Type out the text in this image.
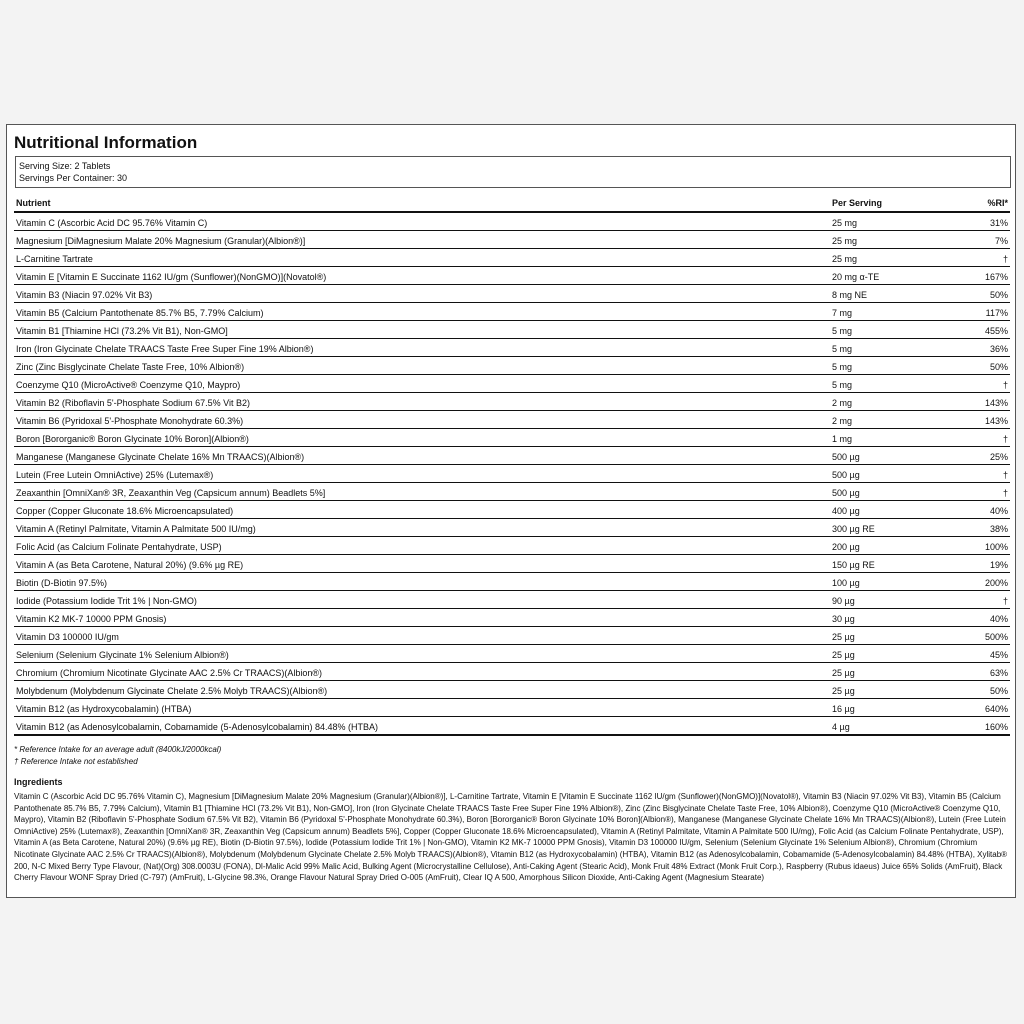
Nutritional Information
Serving Size: 2 Tablets
Servings Per Container: 30
Nutrient	Per Serving	%RI*
Vitamin C (Ascorbic Acid DC 95.76% Vitamin C)	25 mg	31%
Magnesium [DiMagnesium Malate 20% Magnesium (Granular)(Albion®)]	25 mg	7%
L-Carnitine Tartrate	25 mg	†
Vitamin E [Vitamin E Succinate 1162 IU/gm (Sunflower)(NonGMO)](Novatol®)	20 mg α-TE	167%
Vitamin B3 (Niacin 97.02% Vit B3)	8 mg NE	50%
Vitamin B5 (Calcium Pantothenate 85.7% B5, 7.79% Calcium)	7 mg	117%
Vitamin B1 [Thiamine HCl (73.2% Vit B1), Non-GMO]	5 mg	455%
Iron (Iron Glycinate Chelate TRAACS Taste Free Super Fine 19% Albion®)	5 mg	36%
Zinc (Zinc Bisglycinate Chelate Taste Free, 10% Albion®)	5 mg	50%
Coenzyme Q10 (MicroActive® Coenzyme Q10, Maypro)	5 mg	†
Vitamin B2 (Riboflavin 5'-Phosphate Sodium 67.5% Vit B2)	2 mg	143%
Vitamin B6 (Pyridoxal 5'-Phosphate Monohydrate 60.3%)	2 mg	143%
Boron [Bororganic® Boron Glycinate 10% Boron](Albion®)	1 mg	†
Manganese (Manganese Glycinate Chelate 16% Mn TRAACS)(Albion®)	500 µg	25%
Lutein (Free Lutein OmniActive) 25% (Lutemax®)	500 µg	†
Zeaxanthin [OmniXan® 3R, Zeaxanthin Veg (Capsicum annum) Beadlets 5%]	500 µg	†
Copper (Copper Gluconate 18.6% Microencapsulated)	400 µg	40%
Vitamin A (Retinyl Palmitate, Vitamin A Palmitate 500 IU/mg)	300 µg RE	38%
Folic Acid (as Calcium Folinate Pentahydrate, USP)	200 µg	100%
Vitamin A (as Beta Carotene, Natural 20%) (9.6% µg RE)	150 µg RE	19%
Biotin (D-Biotin 97.5%)	100 µg	200%
Iodide (Potassium Iodide Trit 1% | Non-GMO)	90 µg	†
Vitamin K2 MK-7 10000 PPM Gnosis)	30 µg	40%
Vitamin D3 100000 IU/gm	25 µg	500%
Selenium (Selenium Glycinate 1% Selenium Albion®)	25 µg	45%
Chromium (Chromium Nicotinate Glycinate AAC 2.5% Cr TRAACS)(Albion®)	25 µg	63%
Molybdenum (Molybdenum Glycinate Chelate 2.5% Molyb TRAACS)(Albion®)	25 µg	50%
Vitamin B12 (as Hydroxycobalamin) (HTBA)	16 µg	640%
Vitamin B12 (as Adenosylcobalamin, Cobamamide (5-Adenosylcobalamin) 84.48% (HTBA)	4 µg	160%
* Reference Intake for an average adult (8400kJ/2000kcal)
† Reference Intake not established
Ingredients
Vitamin C (Ascorbic Acid DC 95.76% Vitamin C), Magnesium [DiMagnesium Malate 20% Magnesium (Granular)(Albion®)], L-Carnitine Tartrate, Vitamin E [Vitamin E Succinate 1162 IU/gm (Sunflower)(NonGMO)](Novatol®), Vitamin B3 (Niacin 97.02% Vit B3), Vitamin B5 (Calcium Pantothenate 85.7% B5, 7.79% Calcium), Vitamin B1 [Thiamine HCl (73.2% Vit B1), Non-GMO], Iron (Iron Glycinate Chelate TRAACS Taste Free Super Fine 19% Albion®), Zinc (Zinc Bisglycinate Chelate Taste Free, 10% Albion®), Coenzyme Q10 (MicroActive® Coenzyme Q10, Maypro), Vitamin B2 (Riboflavin 5'-Phosphate Sodium 67.5% Vit B2), Vitamin B6 (Pyridoxal 5'-Phosphate Monohydrate 60.3%), Boron [Bororganic® Boron Glycinate 10% Boron](Albion®), Manganese (Manganese Glycinate Chelate 16% Mn TRAACS)(Albion®), Lutein (Free Lutein OmniActive) 25% (Lutemax®), Zeaxanthin [OmniXan® 3R, Zeaxanthin Veg (Capsicum annum) Beadlets 5%], Copper (Copper Gluconate 18.6% Microencapsulated), Vitamin A (Retinyl Palmitate, Vitamin A Palmitate 500 IU/mg), Folic Acid (as Calcium Folinate Pentahydrate, USP), Vitamin A (as Beta Carotene, Natural 20%) (9.6% µg RE), Biotin (D-Biotin 97.5%), Iodide (Potassium Iodide Trit 1% | Non-GMO), Vitamin K2 MK-7 10000 PPM Gnosis), Vitamin D3 100000 IU/gm, Selenium (Selenium Glycinate 1% Selenium Albion®), Chromium (Chromium Nicotinate Glycinate AAC 2.5% Cr TRAACS)(Albion®), Molybdenum (Molybdenum Glycinate Chelate 2.5% Molyb TRAACS)(Albion®), Vitamin B12 (as Hydroxycobalamin) (HTBA), Vitamin B12 (as Adenosylcobalamin, Cobamamide (5-Adenosylcobalamin) 84.48% (HTBA), Xylitab® 200, N-C Mixed Berry Type Flavour, (Nat)(Org) 308.0003U (FONA), Dl-Malic Acid 99% Malic Acid, Bulking Agent (Microcrystalline Cellulose), Anti-Caking Agent (Stearic Acid), Monk Fruit 48% Extract (Monk Fruit Corp.), Raspberry (Rubus idaeus) Juice 65% Solids (AmFruit), Black Cherry Flavour WONF Spray Dried (C-797) (AmFruit), L-Glycine 98.3%, Orange Flavour Natural Spray Dried O-005 (AmFruit), Clear IQ A 500, Amorphous Silicon Dioxide, Anti-Caking Agent (Magnesium Stearate)
